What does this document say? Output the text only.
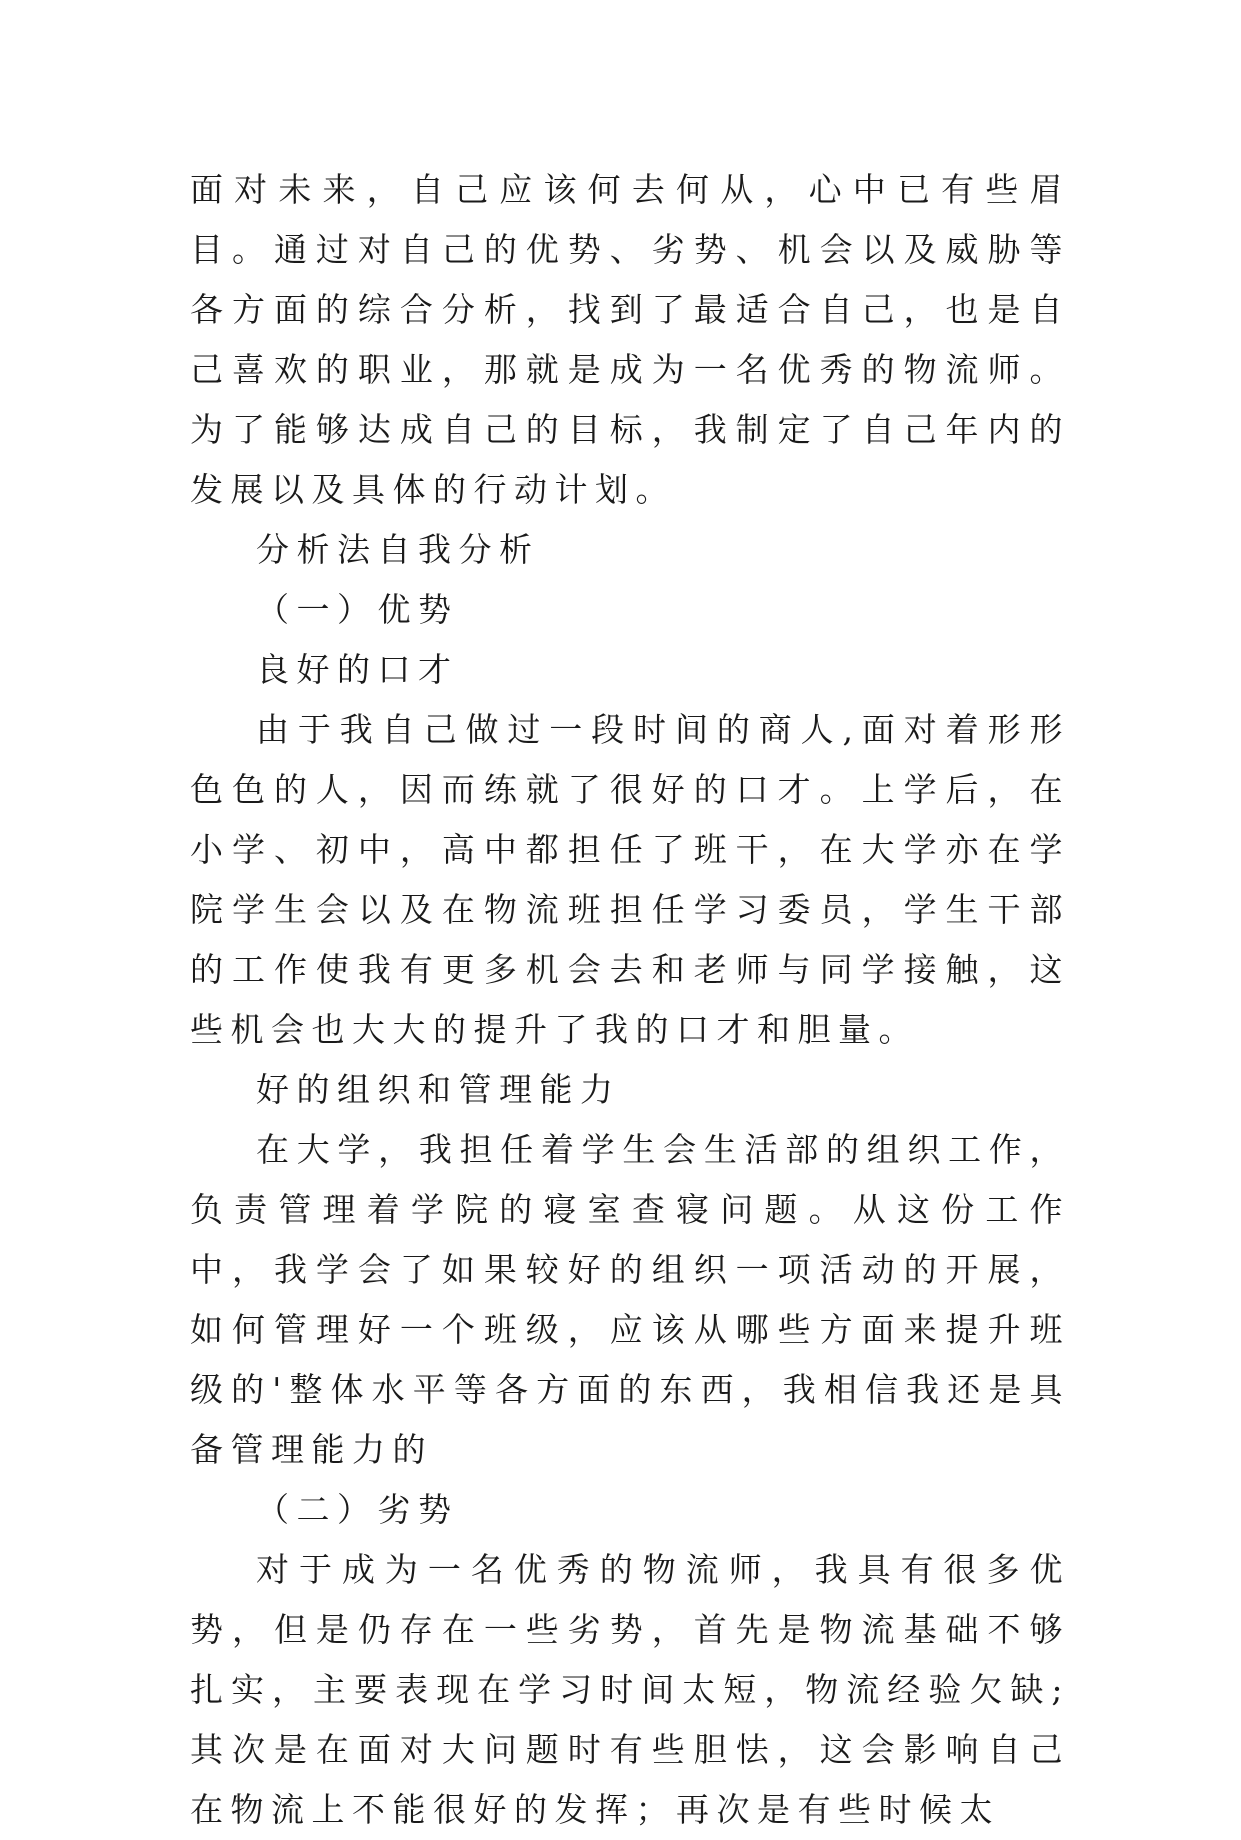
面对未来，自己应该何去何从，心中已有些眉目。通过对自己的优势、劣势、机会以及威胁等各方面的综合分析，找到了最适合自己，也是自己喜欢的职业，那就是成为一名优秀的物流师。为了能够达成自己的目标，我制定了自己年内的发展以及具体的行动计划。

分析法自我分析

（一）优势

良好的口才

由于我自己做过一段时间的商人,面对着形形色色的人，因而练就了很好的口才。上学后，在小学、初中，高中都担任了班干，在大学亦在学院学生会以及在物流班担任学习委员，学生干部的工作使我有更多机会去和老师与同学接触，这些机会也大大的提升了我的口才和胆量。

好的组织和管理能力

在大学，我担任着学生会生活部的组织工作，负责管理着学院的寝室查寝问题。从这份工作中，我学会了如果较好的组织一项活动的开展，如何管理好一个班级，应该从哪些方面来提升班级的'整体水平等各方面的东西，我相信我还是具备管理能力的

（二）劣势

对于成为一名优秀的物流师，我具有很多优势，但是仍存在一些劣势，首先是物流基础不够扎实，主要表现在学习时间太短，物流经验欠缺;其次是在面对大问题时有些胆怯，这会影响自己在物流上不能很好的发挥；再次是有些时候太
